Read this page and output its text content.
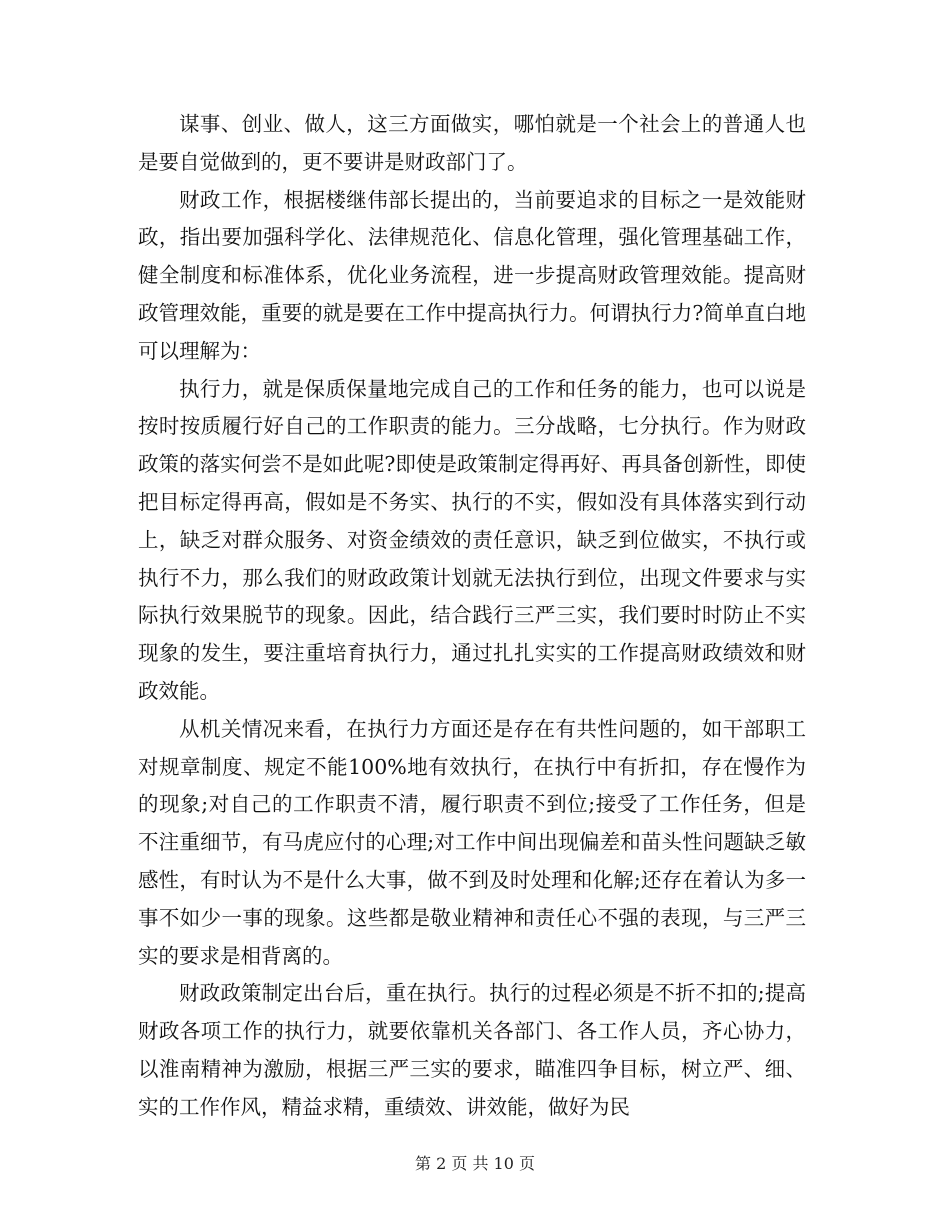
谋事、创业、做人，这三方面做实，哪怕就是一个社会上的普通人也是要自觉做到的，更不要讲是财政部门了。

财政工作，根据楼继伟部长提出的，当前要追求的目标之一是效能财政，指出要加强科学化、法律规范化、信息化管理，强化管理基础工作，健全制度和标准体系，优化业务流程，进一步提高财政管理效能。提高财政管理效能，重要的就是要在工作中提高执行力。何谓执行力?简单直白地可以理解为：

执行力，就是保质保量地完成自己的工作和任务的能力，也可以说是按时按质履行好自己的工作职责的能力。三分战略，七分执行。作为财政政策的落实何尝不是如此呢?即使是政策制定得再好、再具备创新性，即使把目标定得再高，假如是不务实、执行的不实，假如没有具体落实到行动上，缺乏对群众服务、对资金绩效的责任意识，缺乏到位做实，不执行或执行不力，那么我们的财政政策计划就无法执行到位，出现文件要求与实际执行效果脱节的现象。因此，结合践行三严三实，我们要时时防止不实现象的发生，要注重培育执行力，通过扎扎实实的工作提高财政绩效和财政效能。

从机关情况来看，在执行力方面还是存在有共性问题的，如干部职工对规章制度、规定不能100%地有效执行，在执行中有折扣，存在慢作为的现象;对自己的工作职责不清，履行职责不到位;接受了工作任务，但是不注重细节，有马虎应付的心理;对工作中间出现偏差和苗头性问题缺乏敏感性，有时认为不是什么大事，做不到及时处理和化解;还存在着认为多一事不如少一事的现象。这些都是敬业精神和责任心不强的表现，与三严三实的要求是相背离的。

财政政策制定出台后，重在执行。执行的过程必须是不折不扣的;提高财政各项工作的执行力，就要依靠机关各部门、各工作人员，齐心协力，以淮南精神为激励，根据三严三实的要求，瞄准四争目标，树立严、细、实的工作作风，精益求精，重绩效、讲效能，做好为民

第 2 页 共 10 页
